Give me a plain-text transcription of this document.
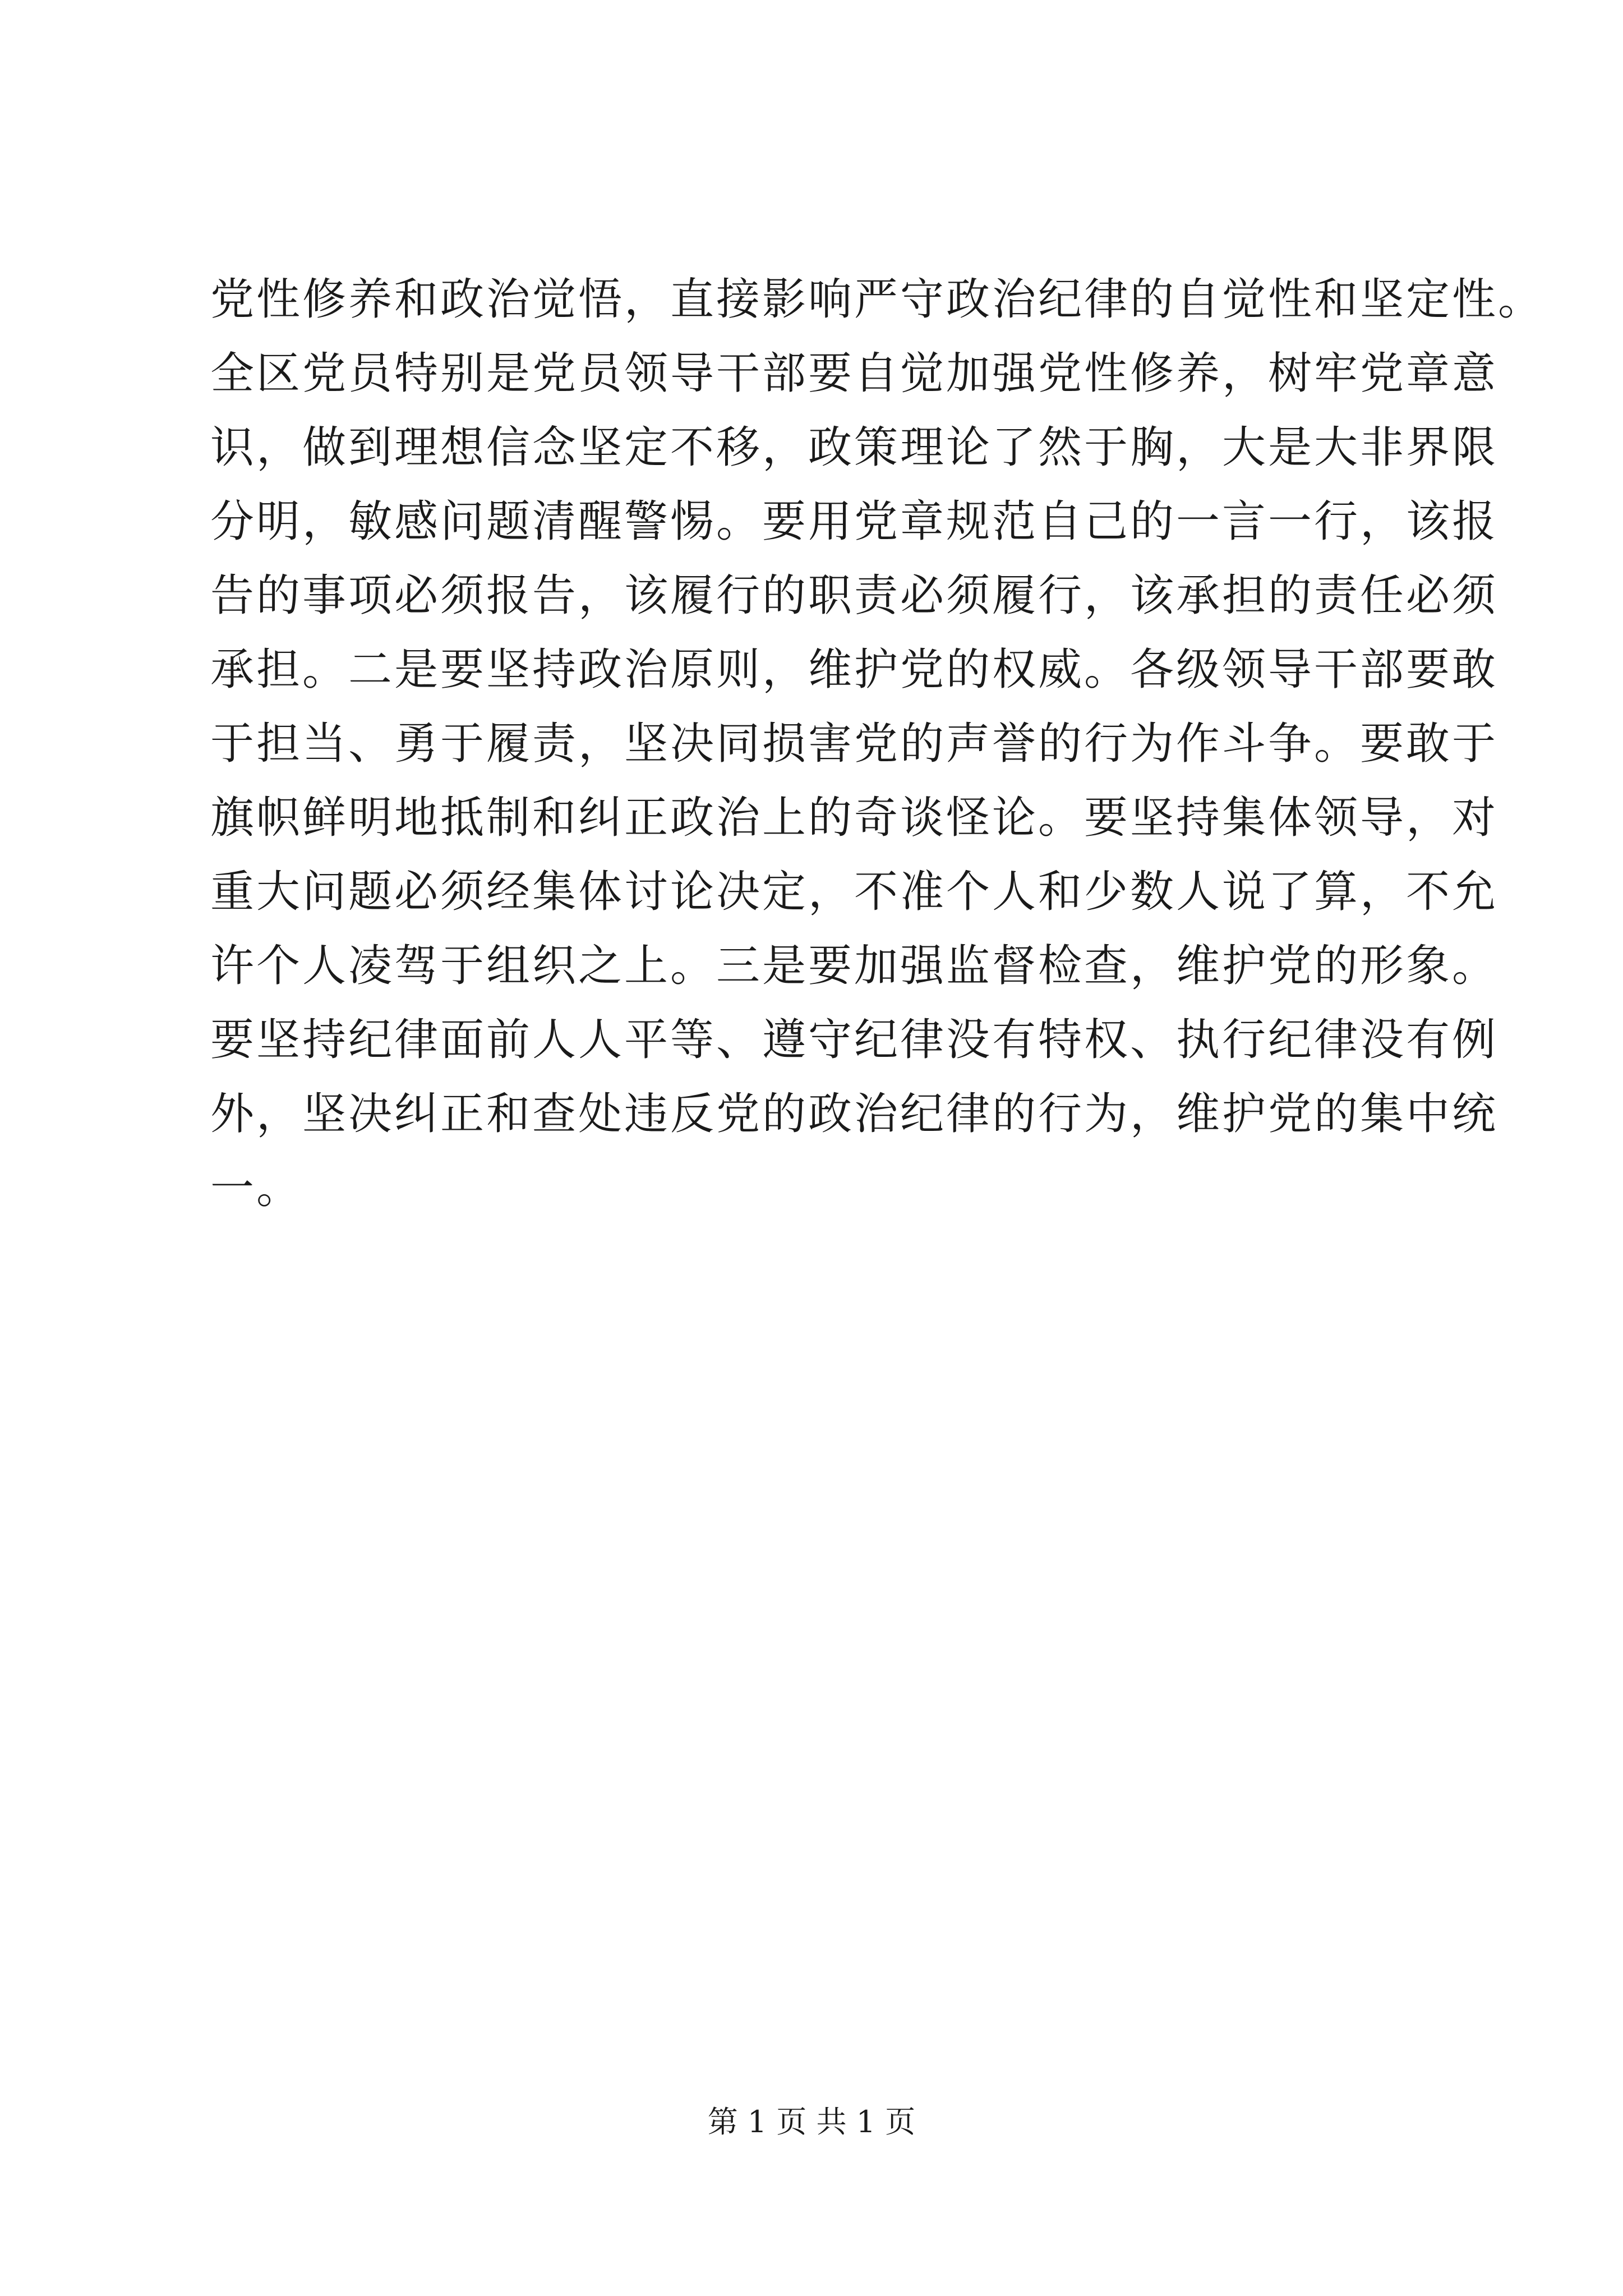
党性修养和政治觉悟，直接影响严守政治纪律的自觉性和坚定性。
全区党员特别是党员领导干部要自觉加强党性修养，树牢党章意
识，做到理想信念坚定不移，政策理论了然于胸，大是大非界限
分明，敏感问题清醒警惕。要用党章规范自己的一言一行，该报
告的事项必须报告，该履行的职责必须履行，该承担的责任必须
承担。二是要坚持政治原则，维护党的权威。各级领导干部要敢
于担当、勇于履责，坚决同损害党的声誉的行为作斗争。要敢于
旗帜鲜明地抵制和纠正政治上的奇谈怪论。要坚持集体领导，对
重大问题必须经集体讨论决定，不准个人和少数人说了算，不允
许个人凌驾于组织之上。三是要加强监督检查，维护党的形象。
要坚持纪律面前人人平等、遵守纪律没有特权、执行纪律没有例
外，坚决纠正和查处违反党的政治纪律的行为，维护党的集中统
一。
第 1 页 共 1 页
